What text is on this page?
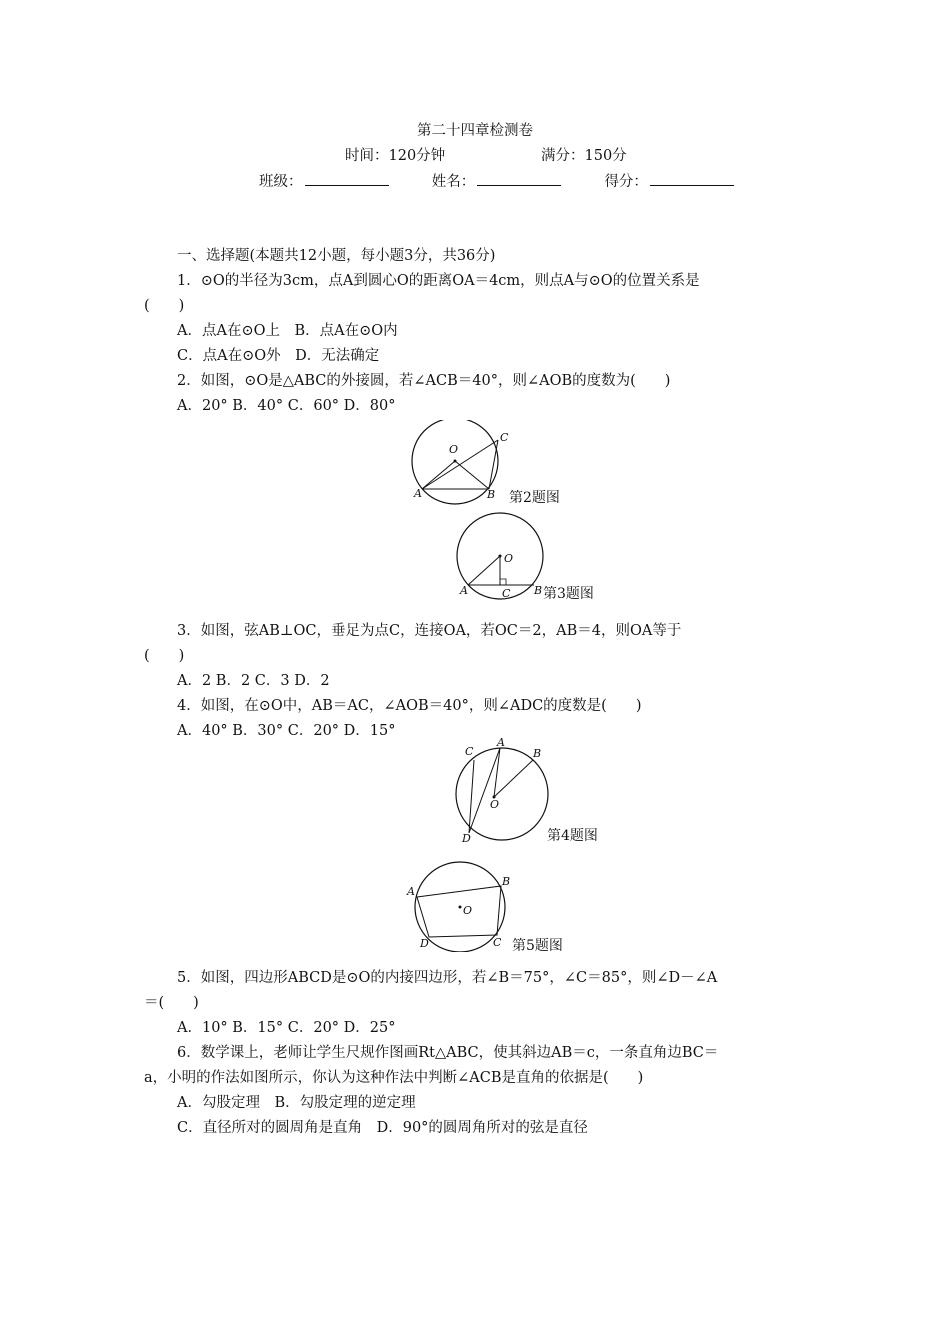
第二十四章检测卷
时间：120分钟	满分：150分
班级：	姓名：	得分：
一、选择题(本题共12小题，每小题3分，共36分)
1．⊙O的半径为3cm，点A到圆心O的距离OA＝4cm，则点A与⊙O的位置关系是
(　　)
A．点A在⊙O上　B．点A在⊙O内
C．点A在⊙O外　D．无法确定
2．如图，⊙O是△ABC的外接圆，若∠ACB＝40°，则∠AOB的度数为(　　)
A．20° B．40° C．60° D．80°
O
A	B
C
第2题图
O
A	C B 第3题图
3．如图，弦AB⊥OC，垂足为点C，连接OA，若OC＝2，AB＝4，则OA等于
(　　)
A．2 B．2 C．3 D．2
4．如图，在⊙O中，AB＝AC，∠AOB＝40°，则∠ADC的度数是(　　)
A．40° B．30° C．20° D．15°
C
A
B
O
D	第4题图
O
A
B
C
D	第5题图
5．如图，四边形ABCD是⊙O的内接四边形，若∠B＝75°，∠C＝85°，则∠D－∠A
＝(　　)
A．10° B．15° C．20° D．25°
6．数学课上，老师让学生尺规作图画Rt△ABC，使其斜边AB＝c，一条直角边BC＝
a，小明的作法如图所示，你认为这种作法中判断∠ACB是直角的依据是(　　)
A．勾股定理　B．勾股定理的逆定理
C．直径所对的圆周角是直角　D．90°的圆周角所对的弦是直径
